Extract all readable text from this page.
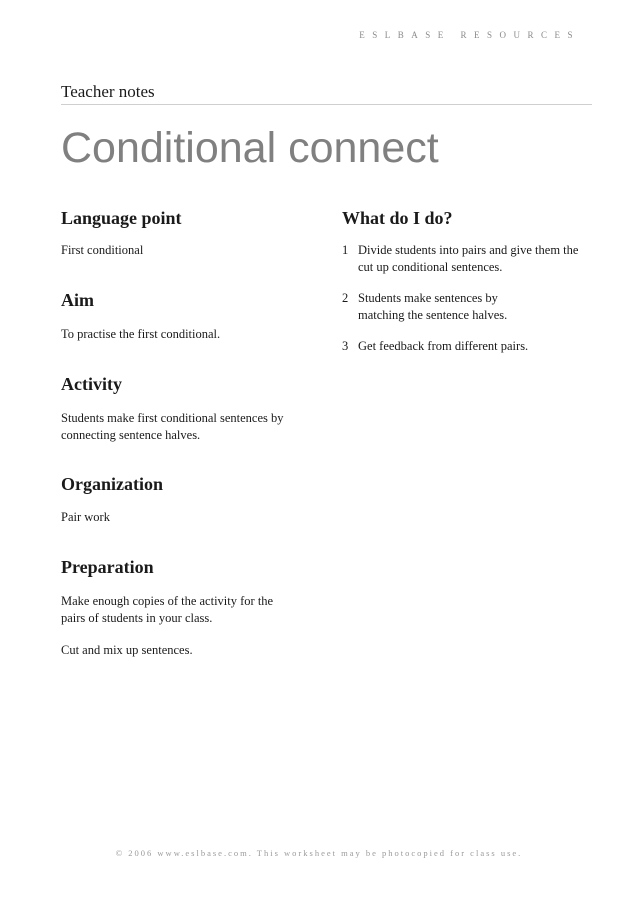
ESLBASE RESOURCES
Teacher notes
Conditional connect
Language point

First conditional

Aim

To practise the first conditional.

Activity

Students make first conditional sentences by connecting sentence halves.

Organization

Pair work

Preparation

Make enough copies of the activity for the pairs of students in your class.

Cut and mix up sentences.

What do I do?
1 Divide students into pairs and give them the cut up conditional sentences.
2 Students make sentences by matching the sentence halves.
3 Get feedback from different pairs.
© 2006 www.eslbase.com. This worksheet may be photocopied for class use.
